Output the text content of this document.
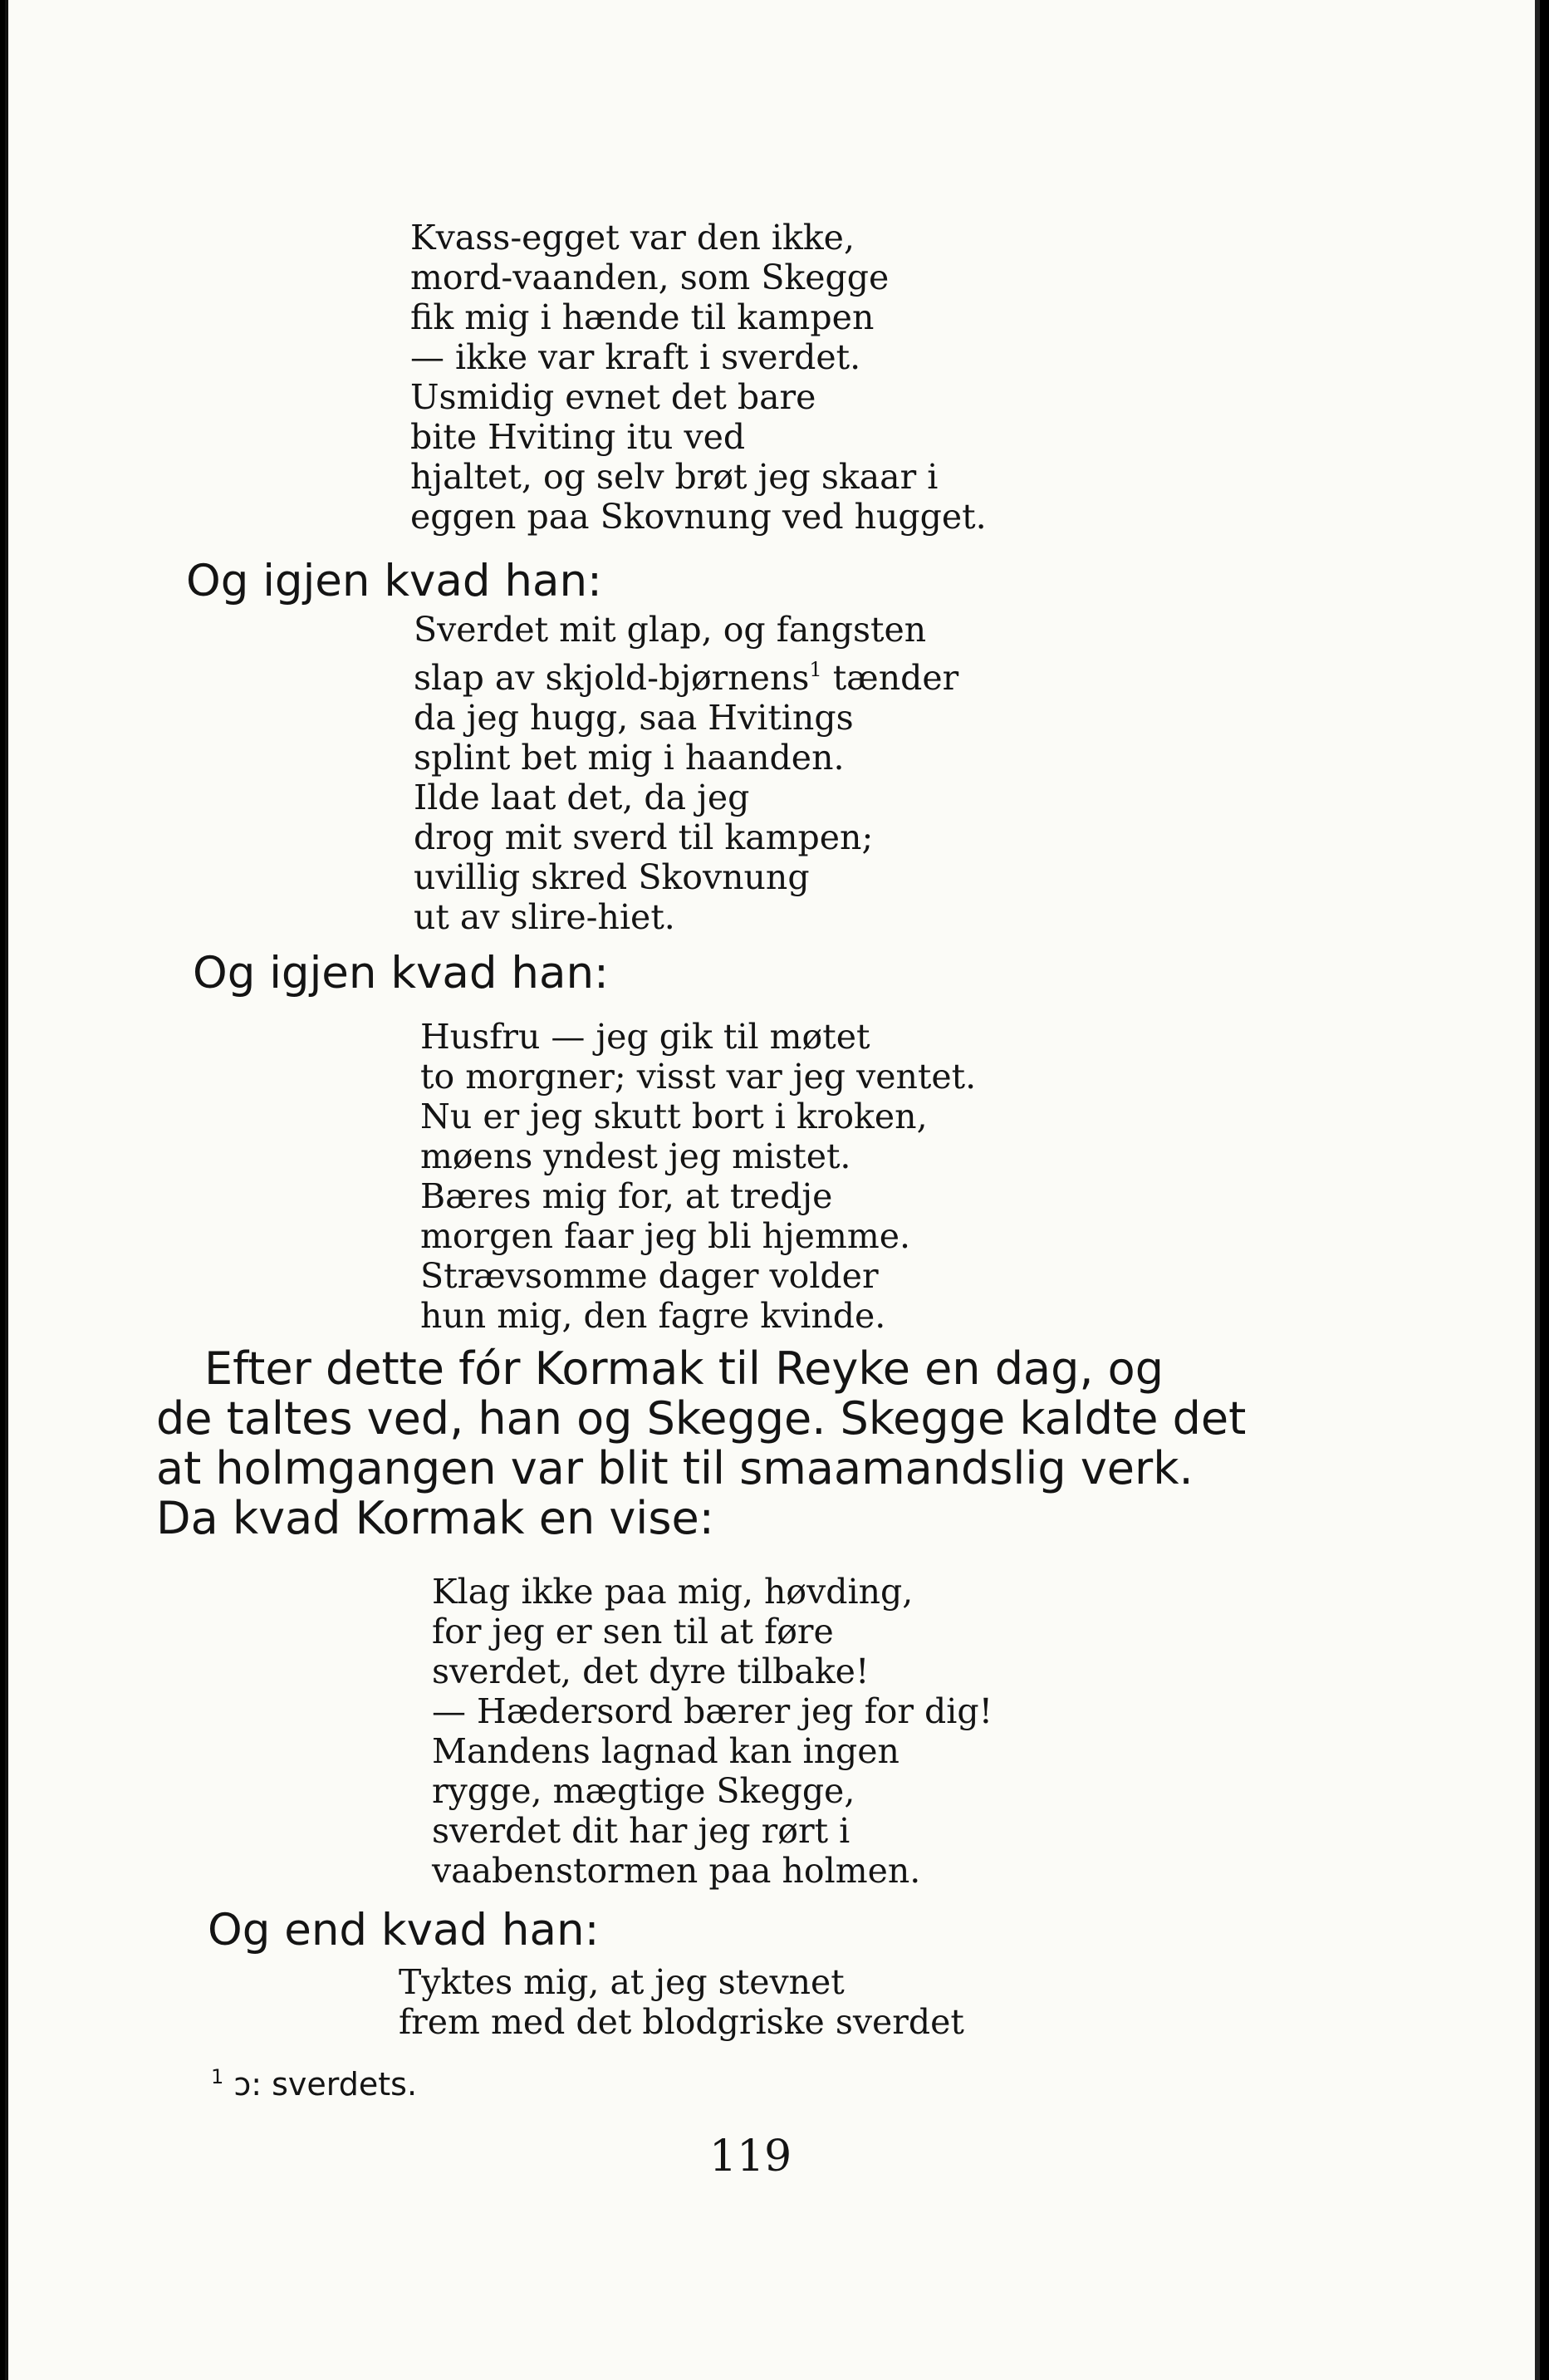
Kvass-egget var den ikke,
mord-vaanden, som Skegge
fik mig i hænde til kampen
— ikke var kraft i sverdet.
Usmidig evnet det bare
bite Hviting itu ved
hjaltet, og selv brøt jeg skaar i
eggen paa Skovnung ved hugget.
Og igjen kvad han:
Sverdet mit glap, og fangsten
slap av skjold-bjørnens$^1$ tænder
da jeg hugg, saa Hvitings
splint bet mig i haanden.
Ilde laat det, da jeg
drog mit sverd til kampen;
uvillig skred Skovnung
ut av slire-hiet.
Og igjen kvad han:
Husfru — jeg gik til møtet
to morgner; visst var jeg ventet.
Nu er jeg skutt bort i kroken,
møens yndest jeg mistet.
Bæres mig for, at tredje
morgen faar jeg bli hjemme.
Strævsomme dager volder
hun mig, den fagre kvinde.
Efter dette fór Kormak til Reyke en dag, og
de taltes ved, han og Skegge. Skegge kaldte det
at holmgangen var blit til smaamandslig verk.
Da kvad Kormak en vise:
Klag ikke paa mig, høvding,
for jeg er sen til at føre
sverdet, det dyre tilbake!
— Hædersord bærer jeg for dig!
Mandens lagnad kan ingen
rygge, mægtige Skegge,
sverdet dit har jeg rørt i
vaabenstormen paa holmen.
Og end kvad han:
Tyktes mig, at jeg stevnet
frem med det blodgriske sverdet
$^1$ ɔ: sverdets.
119
